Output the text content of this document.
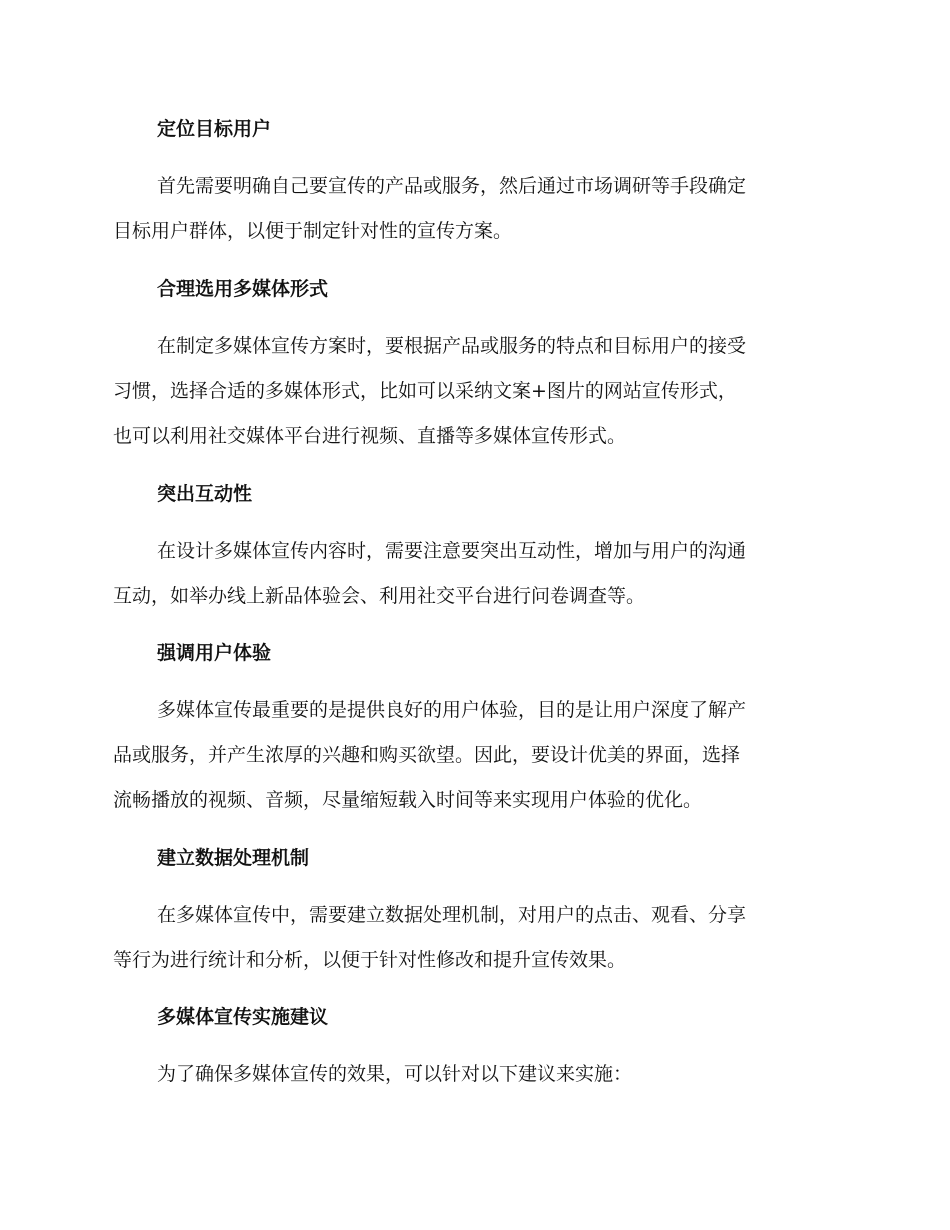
定位目标用户
首先需要明确自己要宣传的产品或服务，然后通过市场调研等手段确定
目标用户群体，以便于制定针对性的宣传方案。
合理选用多媒体形式
在制定多媒体宣传方案时，要根据产品或服务的特点和目标用户的接受
习惯，选择合适的多媒体形式，比如可以采纳文案+图片的网站宣传形式，
也可以利用社交媒体平台进行视频、直播等多媒体宣传形式。
突出互动性
在设计多媒体宣传内容时，需要注意要突出互动性，增加与用户的沟通
互动，如举办线上新品体验会、利用社交平台进行问卷调查等。
强调用户体验
多媒体宣传最重要的是提供良好的用户体验，目的是让用户深度了解产
品或服务，并产生浓厚的兴趣和购买欲望。因此，要设计优美的界面，选择
流畅播放的视频、音频，尽量缩短载入时间等来实现用户体验的优化。
建立数据处理机制
在多媒体宣传中，需要建立数据处理机制，对用户的点击、观看、分享
等行为进行统计和分析，以便于针对性修改和提升宣传效果。
多媒体宣传实施建议
为了确保多媒体宣传的效果，可以针对以下建议来实施：
